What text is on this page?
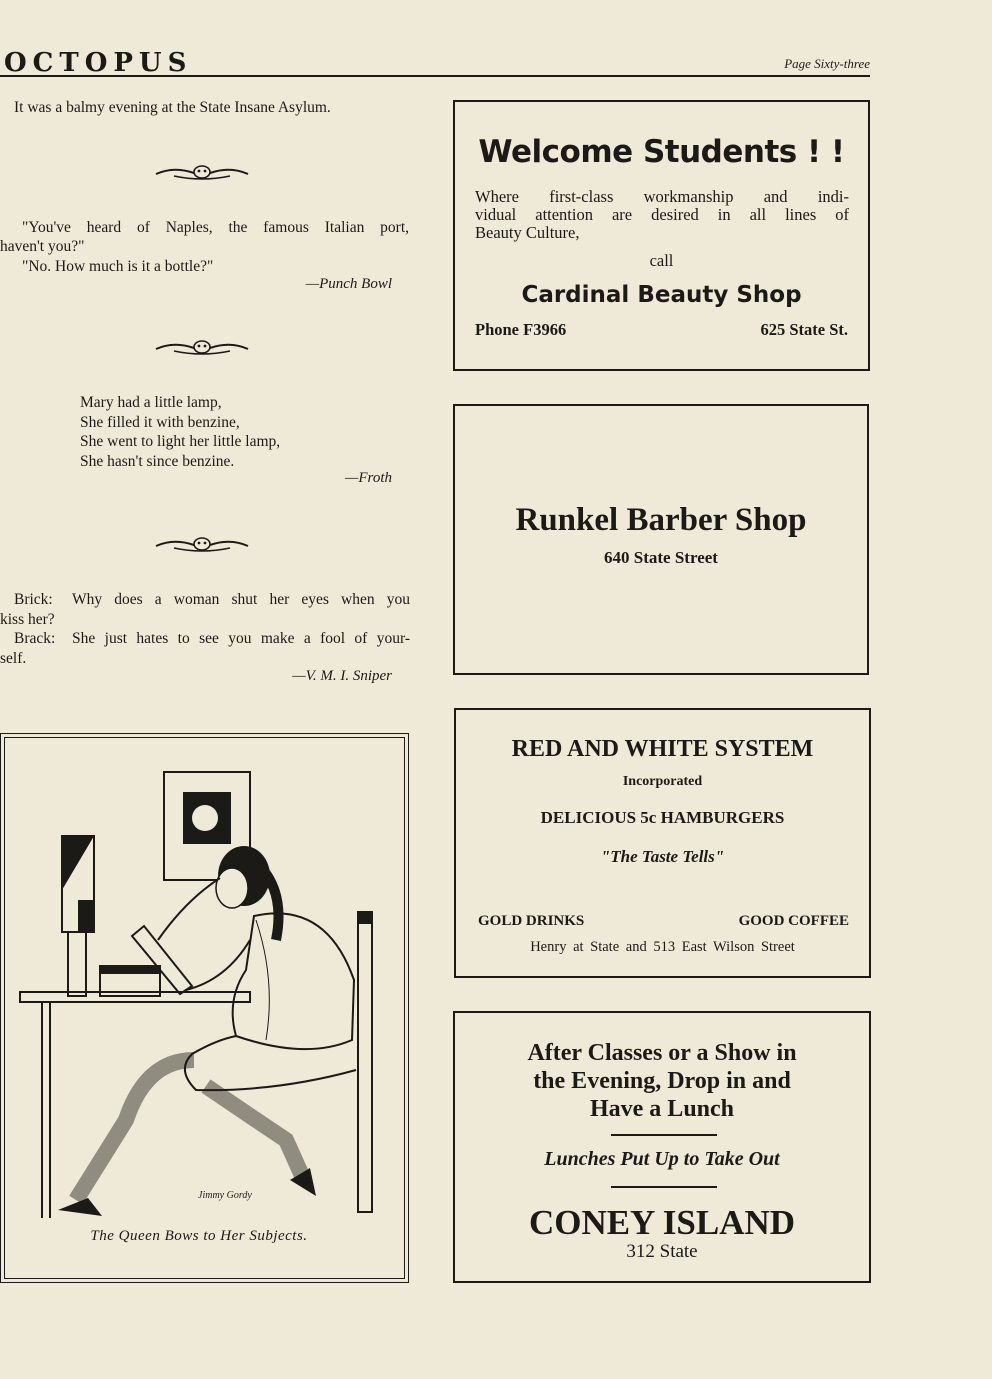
OCTOPUS	Page Sixty-three
It was a balmy evening at the State Insane Asylum.
"You've heard of Naples, the famous Italian port,
haven't you?"
"No. How much is it a bottle?"
—Punch Bowl
Mary had a little lamp,
She filled it with benzine,
She went to light her little lamp,
She hasn't since benzine.
—Froth
Brick: Why does a woman shut her eyes when you
kiss her?
Brack: She just hates to see you make a fool of your-
self.
—V. M. I. Sniper
Jimmy Gordy
The Queen Bows to Her Subjects.
Welcome Students ! !
Where first-class workmanship and indi-
vidual attention are desired in all lines of
Beauty Culture,
call
Cardinal Beauty Shop
Phone F3966	625 State St.
Runkel Barber Shop
640 State Street
RED AND WHITE SYSTEM
Incorporated
DELICIOUS 5c HAMBURGERS
"The Taste Tells"
GOLD DRINKS	GOOD COFFEE
Henry at State and 513 East Wilson Street
After Classes or a Show in
the Evening, Drop in and
Have a Lunch
Lunches Put Up to Take Out
CONEY ISLAND
312 State
